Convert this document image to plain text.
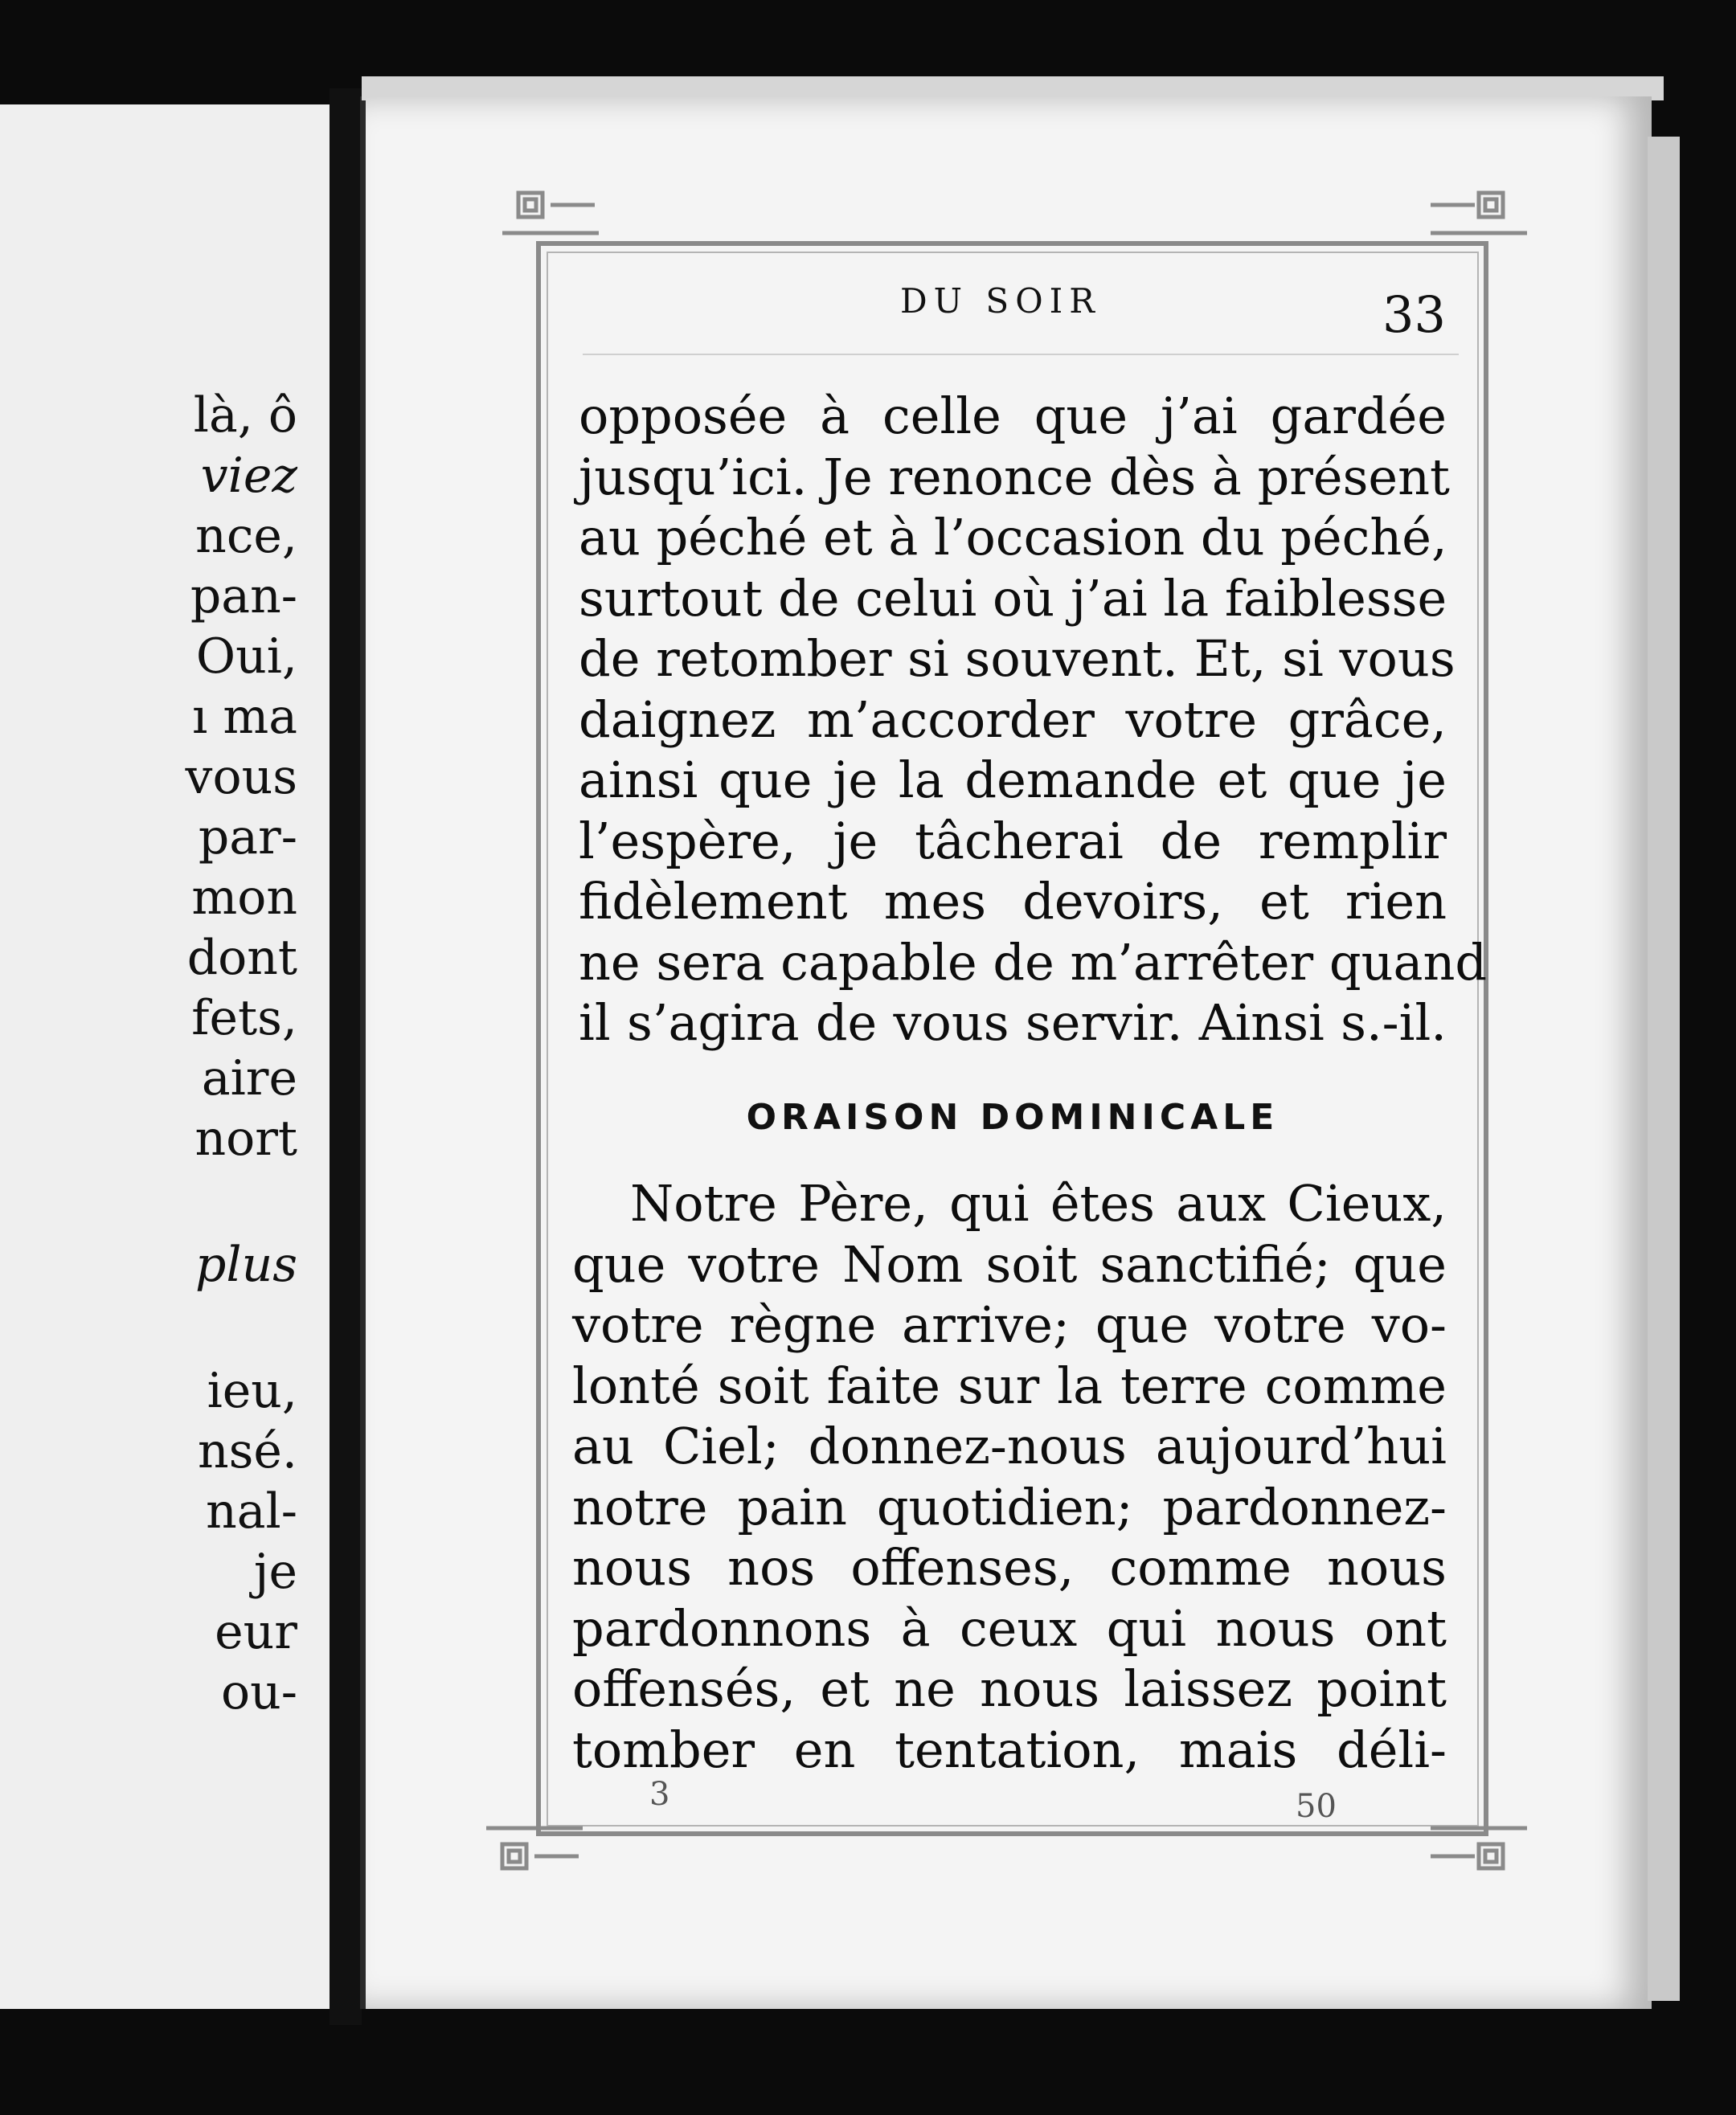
là, ô
viez
nce,
pan-
Oui,
ı ma
vous
par-
mon
dont
fets,
aire
nort
plus
ieu,
nsé.
nal-
je
eur
ou-
DU SOIR	33
opposée à celle que j’ai gardée
jusqu’ici. Je renonce dès à présent
au péché et à l’occasion du péché,
surtout de celui où j’ai la faiblesse
de retomber si souvent. Et, si vous
daignez m’accorder votre grâce,
ainsi que je la demande et que je
l’espère, je tâcherai de remplir
fidèlement mes devoirs, et rien
ne sera capable de m’arrêter quand
il s’agira de vous servir. Ainsi s.-il.
ORAISON DOMINICALE
Notre Père, qui êtes aux Cieux,
que votre Nom soit sanctifié; que
votre règne arrive; que votre vo-
lonté soit faite sur la terre comme
au Ciel; donnez-nous aujourd’hui
notre pain quotidien; pardonnez-
nous nos offenses, comme nous
pardonnons à ceux qui nous ont
offensés, et ne nous laissez point
tomber en tentation, mais déli-
3	50
